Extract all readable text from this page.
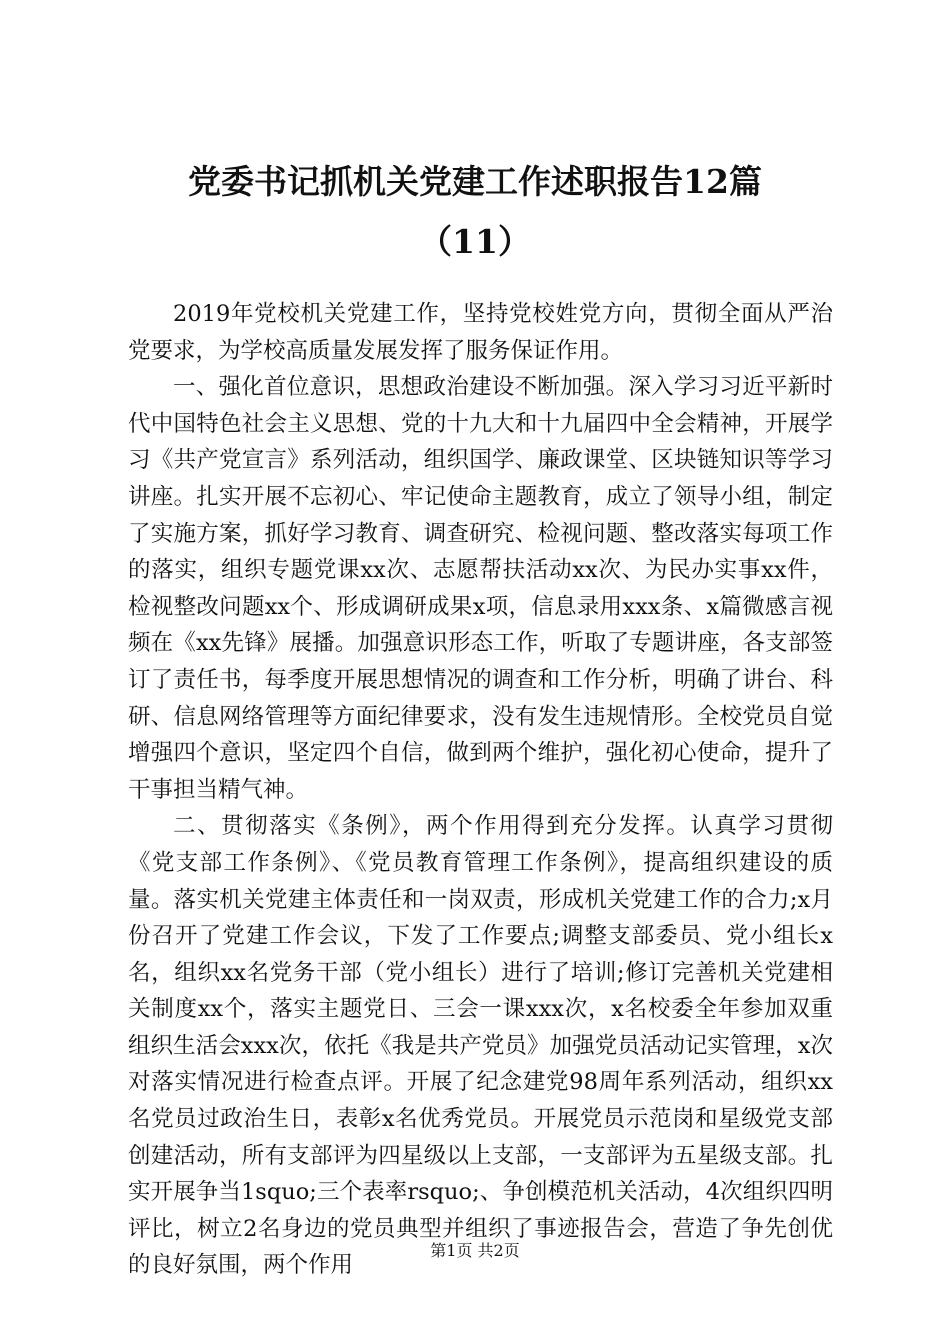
党委书记抓机关党建工作述职报告12篇
（11）

2019年党校机关党建工作，坚持党校姓党方向，贯彻全面从严治党要求，为学校高质量发展发挥了服务保证作用。

一、强化首位意识，思想政治建设不断加强。深入学习习近平新时代中国特色社会主义思想、党的十九大和十九届四中全会精神，开展学习《共产党宣言》系列活动，组织国学、廉政课堂、区块链知识等学习讲座。扎实开展不忘初心、牢记使命主题教育，成立了领导小组，制定了实施方案，抓好学习教育、调查研究、检视问题、整改落实每项工作的落实，组织专题党课xx次、志愿帮扶活动xx次、为民办实事xx件，检视整改问题xx个、形成调研成果x项，信息录用xxx条、x篇微感言视频在《xx先锋》展播。加强意识形态工作，听取了专题讲座，各支部签订了责任书，每季度开展思想情况的调查和工作分析，明确了讲台、科研、信息网络管理等方面纪律要求，没有发生违规情形。全校党员自觉增强四个意识，坚定四个自信，做到两个维护，强化初心使命，提升了干事担当精气神。

二、贯彻落实《条例》，两个作用得到充分发挥。认真学习贯彻《党支部工作条例》、《党员教育管理工作条例》，提高组织建设的质量。落实机关党建主体责任和一岗双责，形成机关党建工作的合力;x月份召开了党建工作会议，下发了工作要点;调整支部委员、党小组长x名，组织xx名党务干部（党小组长）进行了培训;修订完善机关党建相关制度xx个，落实主题党日、三会一课xxx次，x名校委全年参加双重组织生活会xxx次，依托《我是共产党员》加强党员活动记实管理，x次对落实情况进行检查点评。开展了纪念建党98周年系列活动，组织xx名党员过政治生日，表彰x名优秀党员。开展党员示范岗和星级党支部创建活动，所有支部评为四星级以上支部，一支部评为五星级支部。扎实开展争当1squo;三个表率rsquo;、争创模范机关活动，4次组织四明评比，树立2名身边的党员典型并组织了事迹报告会，营造了争先创优的良好氛围，两个作用

第1页 共2页
